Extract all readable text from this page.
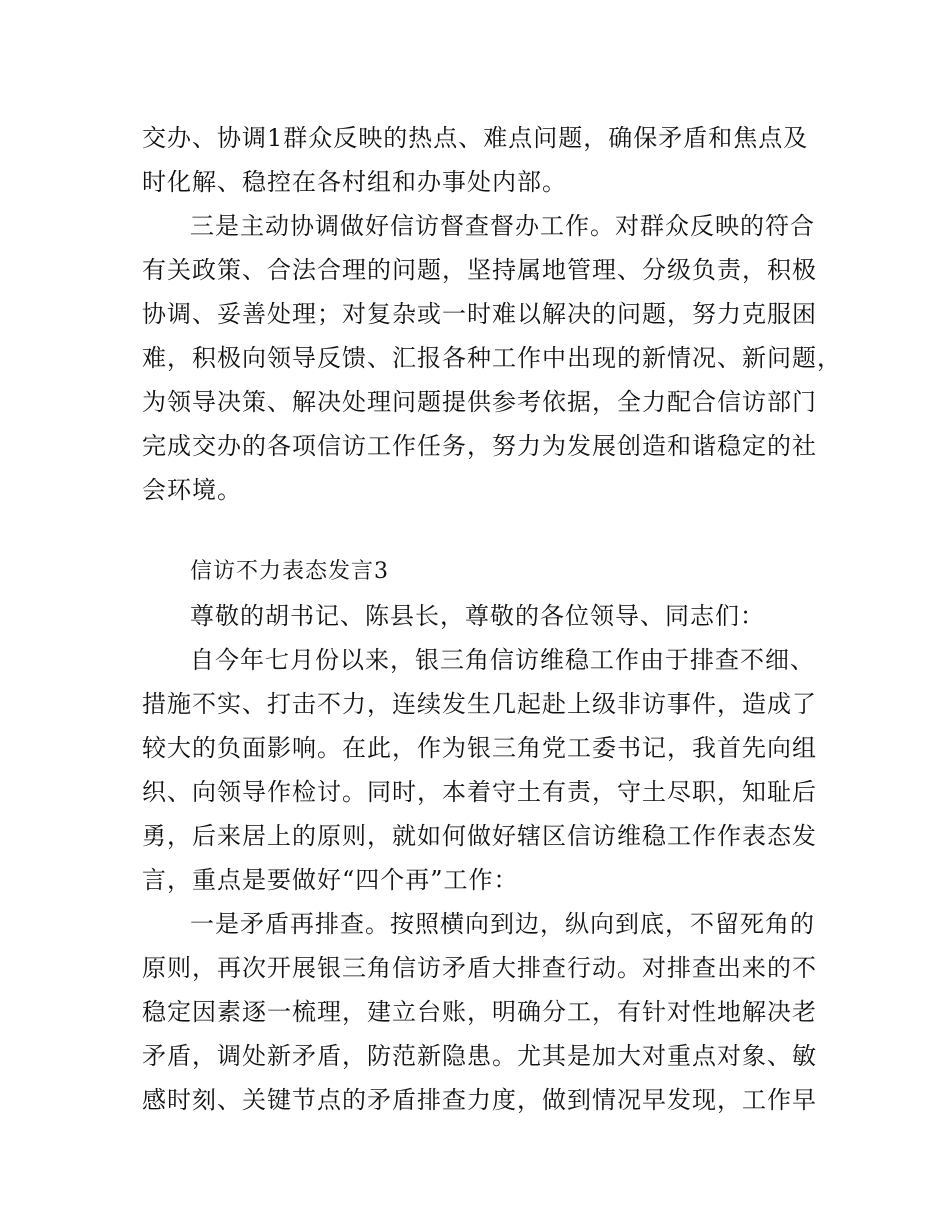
交办、协调1群众反映的热点、难点问题，确保矛盾和焦点及
时化解、稳控在各村组和办事处内部。
三是主动协调做好信访督查督办工作。对群众反映的符合
有关政策、合法合理的问题，坚持属地管理、分级负责，积极
协调、妥善处理；对复杂或一时难以解决的问题，努力克服困
难，积极向领导反馈、汇报各种工作中出现的新情况、新问题，
为领导决策、解决处理问题提供参考依据，全力配合信访部门
完成交办的各项信访工作任务，努力为发展创造和谐稳定的社
会环境。
信访不力表态发言3
尊敬的胡书记、陈县长，尊敬的各位领导、同志们：
自今年七月份以来，银三角信访维稳工作由于排查不细、
措施不实、打击不力，连续发生几起赴上级非访事件，造成了
较大的负面影响。在此，作为银三角党工委书记，我首先向组
织、向领导作检讨。同时，本着守土有责，守土尽职，知耻后
勇，后来居上的原则，就如何做好辖区信访维稳工作作表态发
言，重点是要做好“四个再”工作：
一是矛盾再排查。按照横向到边，纵向到底，不留死角的
原则，再次开展银三角信访矛盾大排查行动。对排查出来的不
稳定因素逐一梳理，建立台账，明确分工，有针对性地解决老
矛盾，调处新矛盾，防范新隐患。尤其是加大对重点对象、敏
感时刻、关键节点的矛盾排查力度，做到情况早发现，工作早
